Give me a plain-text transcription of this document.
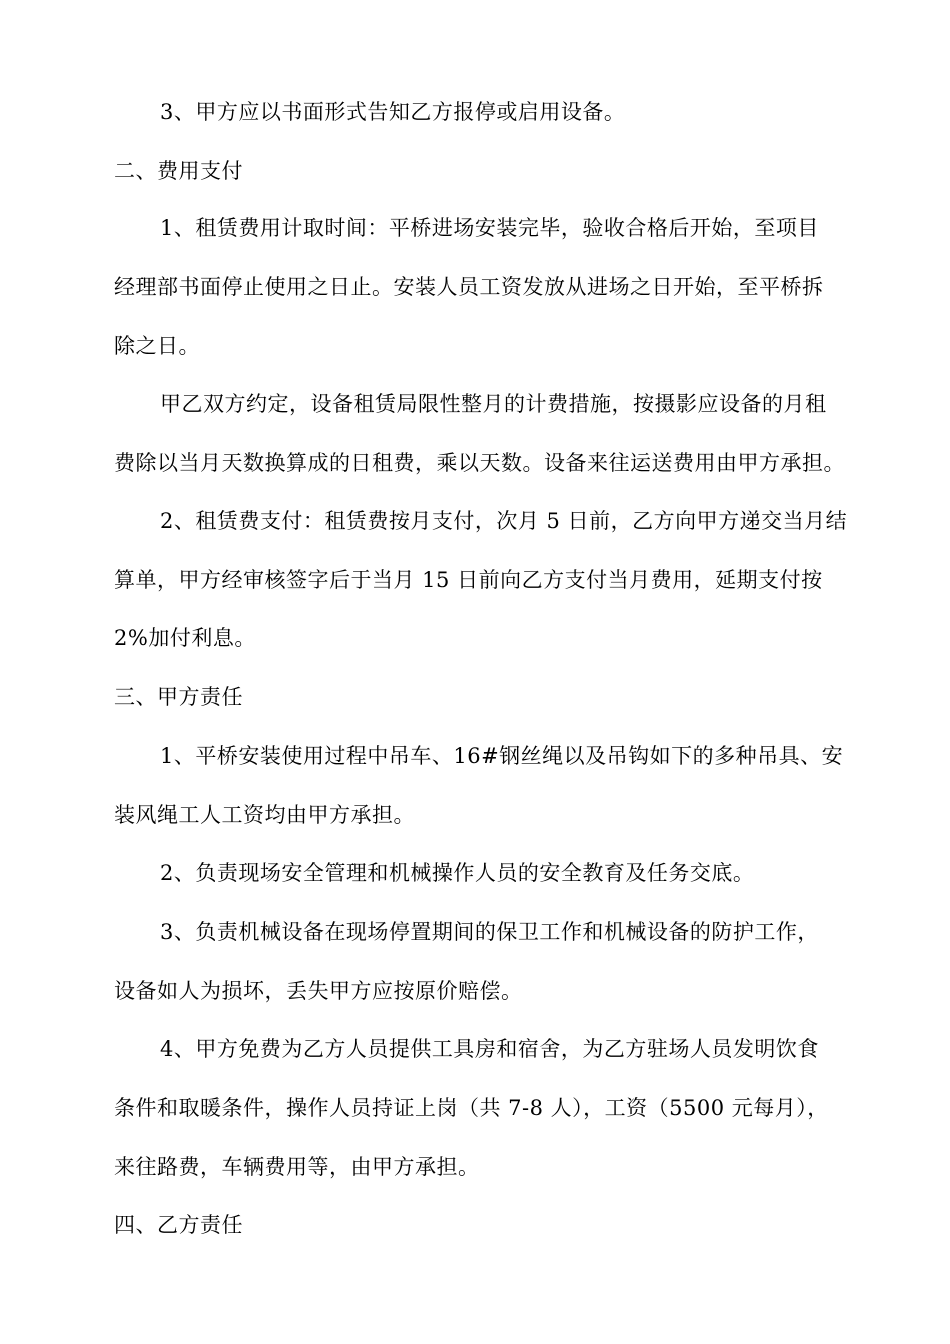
3、甲方应以书面形式告知乙方报停或启用设备。
二、费用支付
1、租赁费用计取时间：平桥进场安装完毕，验收合格后开始，至项目
经理部书面停止使用之日止。安装人员工资发放从进场之日开始，至平桥拆
除之日。
甲乙双方约定，设备租赁局限性整月的计费措施，按摄影应设备的月租
费除以当月天数换算成的日租费，乘以天数。设备来往运送费用由甲方承担。
2、租赁费支付：租赁费按月支付，次月 5 日前，乙方向甲方递交当月结
算单，甲方经审核签字后于当月 15 日前向乙方支付当月费用，延期支付按
2%加付利息。
三、甲方责任
1、平桥安装使用过程中吊车、16#钢丝绳以及吊钩如下的多种吊具、安
装风绳工人工资均由甲方承担。
2、负责现场安全管理和机械操作人员的安全教育及任务交底。
3、负责机械设备在现场停置期间的保卫工作和机械设备的防护工作，
设备如人为损坏，丢失甲方应按原价赔偿。
4、甲方免费为乙方人员提供工具房和宿舍，为乙方驻场人员发明饮食
条件和取暖条件，操作人员持证上岗（共 7-8 人），工资（5500 元每月），
来往路费，车辆费用等，由甲方承担。
四、乙方责任
